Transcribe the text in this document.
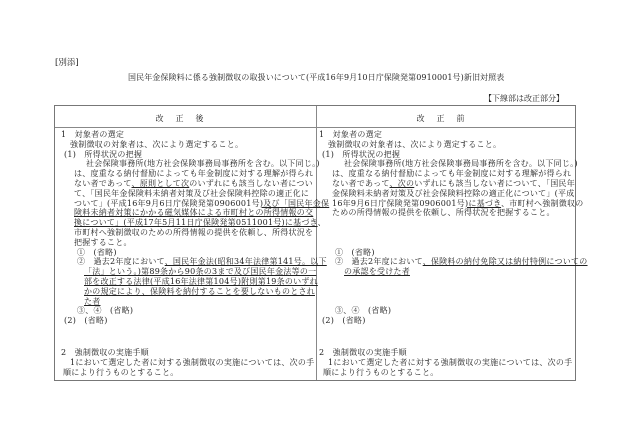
[別添]
国民年金保険料に係る強制徴収の取扱いについて(平成16年9月10日庁保険発第0910001号)新旧対照表
【下線部は改正部分】
改正後	改正前
1　対象者の選定
強制徴収の対象者は、次により選定すること。
(1)　所得状況の把握
社会保険事務所(地方社会保険事務局事務所を含む。以下同じ。)
は、度重なる納付督励によっても年金制度に対する理解が得られ
ない者であって、原則として次のいずれにも該当しない者につい
て、「国民年金保険料未納者対策及び社会保険料控除の適正化に
ついて」(平成16年9月6日庁保険発第0906001号)及び「国民年金保
険料未納者対策にかかる磁気媒体による市町村との所得情報の交
換について」(平成17年5月11日庁保険発第0511001号)に基づき、
市町村へ強制徴収のための所得情報の提供を依頼し、所得状況を
把握すること。
①　(省略)
②　過去2年度において、国民年金法(昭和34年法律第141号。以下
「法」という。)第89条から90条の3まで及び国民年金法等の一
部を改正する法律(平成16年法律第104号)附則第19条のいずれ
かの規定により、保険料を納付することを要しないものとされ
た者
③、④　(省略)
(2)　(省略)
2　強制徴収の実施手順
1において選定した者に対する強制徴収の実施については、次の手
順により行うものとすること。
1　対象者の選定
強制徴収の対象者は、次により選定すること。
(1)　所得状況の把握
社会保険事務所(地方社会保険事務局事務所を含む。以下同じ。)
は、度重なる納付督励によっても年金制度に対する理解が得られ
ない者であって、次のいずれにも該当しない者について、「国民年
金保険料未納者対策及び社会保険料控除の適正化について」(平成
16年9月6日庁保険発第0906001号)に基づき、市町村へ強制徴収の
ための所得情報の提供を依頼し、所得状況を把握すること。
①　(省略)
②　過去2年度において、保険料の納付免除又は納付特例についての
の承認を受けた者
③、④　(省略)
(2)　(省略)
2　強制徴収の実施手順
1において選定した者に対する強制徴収の実施については、次の手
順により行うものとすること。
